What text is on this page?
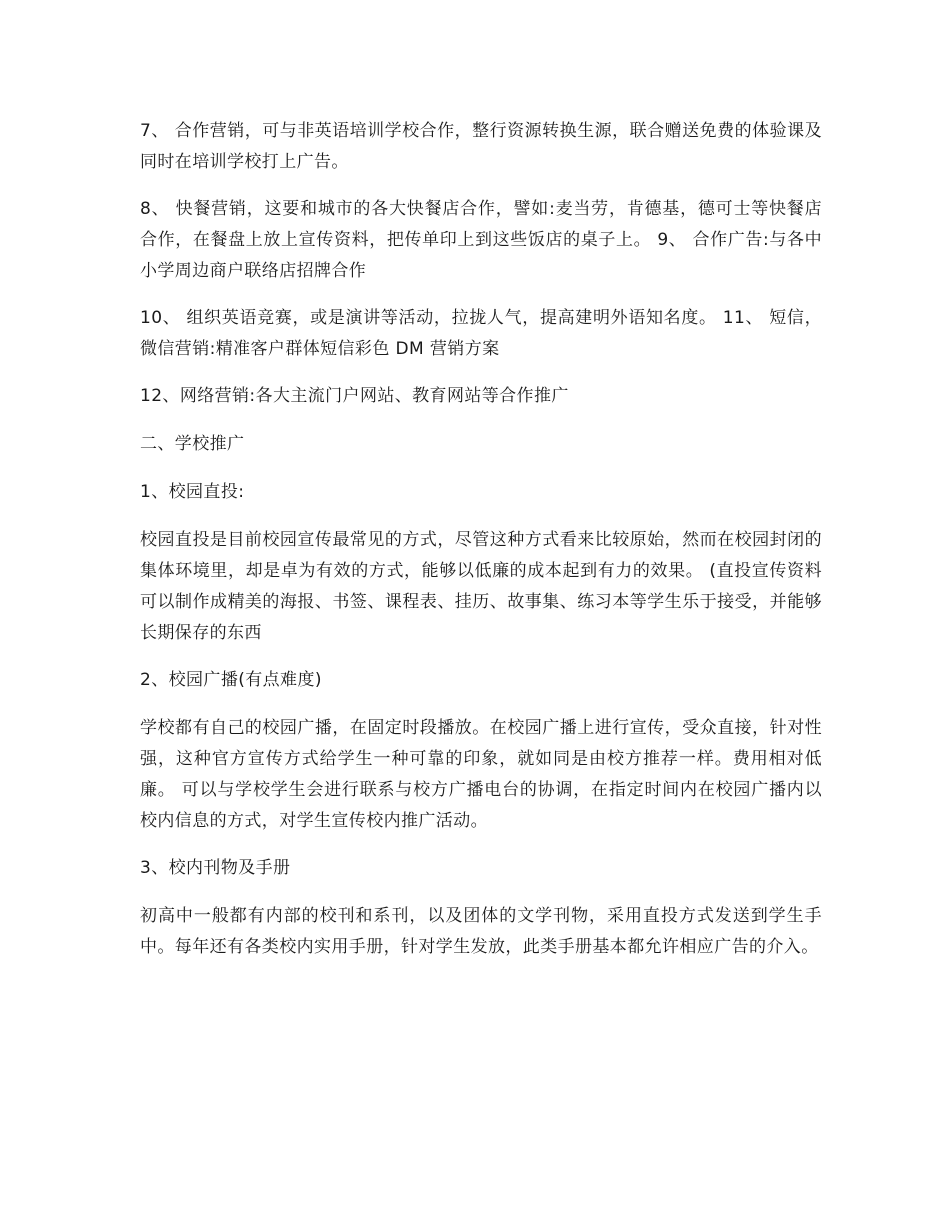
7、 合作营销，可与非英语培训学校合作，整行资源转换生源，联合赠送免费的体验课及同时在培训学校打上广告。

8、 快餐营销，这要和城市的各大快餐店合作，譬如:麦当劳，肯德基，德可士等快餐店合作，在餐盘上放上宣传资料，把传单印上到这些饭店的桌子上。 9、 合作广告:与各中小学周边商户联络店招牌合作

10、 组织英语竞赛，或是演讲等活动，拉拢人气，提高建明外语知名度。 11、 短信，微信营销:精准客户群体短信彩色 DM 营销方案

12、网络营销:各大主流门户网站、教育网站等合作推广

二、学校推广

1、校园直投:

校园直投是目前校园宣传最常见的方式，尽管这种方式看来比较原始，然而在校园封闭的集体环境里，却是卓为有效的方式，能够以低廉的成本起到有力的效果。 (直投宣传资料可以制作成精美的海报、书签、课程表、挂历、故事集、练习本等学生乐于接受，并能够长期保存的东西

2、校园广播(有点难度)

学校都有自己的校园广播，在固定时段播放。在校园广播上进行宣传，受众直接，针对性强，这种官方宣传方式给学生一种可靠的印象，就如同是由校方推荐一样。费用相对低廉。 可以与学校学生会进行联系与校方广播电台的协调，在指定时间内在校园广播内以校内信息的方式，对学生宣传校内推广活动。

3、校内刊物及手册

初高中一般都有内部的校刊和系刊，以及团体的文学刊物，采用直投方式发送到学生手中。每年还有各类校内实用手册，针对学生发放，此类手册基本都允许相应广告的介入。
